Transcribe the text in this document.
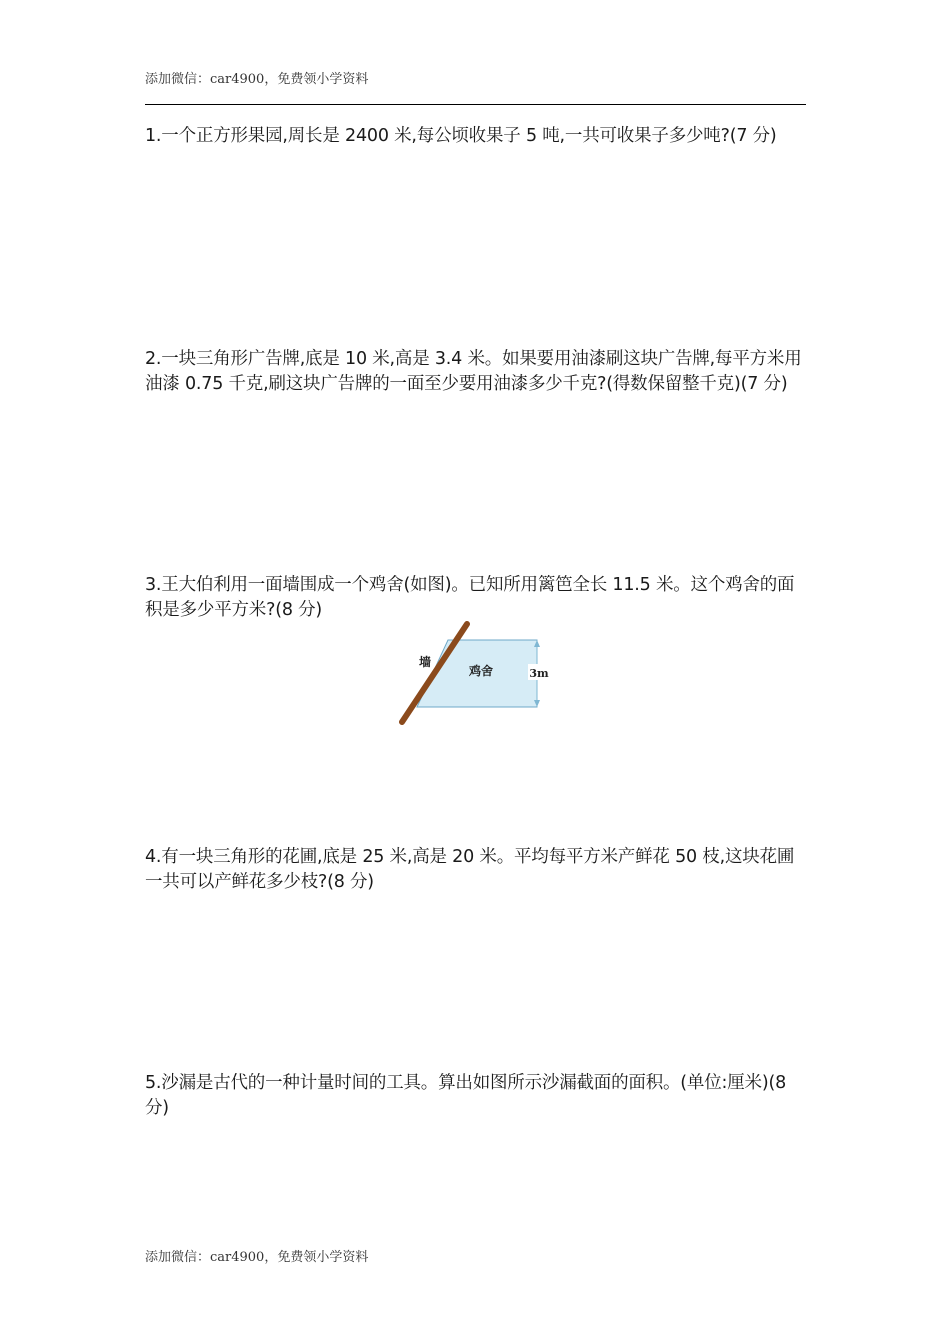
添加微信：car4900，免费领小学资料
1.一个正方形果园,周长是 2400 米,每公顷收果子 5 吨,一共可收果子多少吨?(7 分)
2.一块三角形广告牌,底是 10 米,高是 3.4 米。如果要用油漆刷这块广告牌,每平方米用油漆 0.75 千克,刷这块广告牌的一面至少要用油漆多少千克?(得数保留整千克)(7 分)
3.王大伯利用一面墙围成一个鸡舍(如图)。已知所用篱笆全长 11.5 米。这个鸡舍的面积是多少平方米?(8 分)
墙
鸡舍	3m
4.有一块三角形的花圃,底是 25 米,高是 20 米。平均每平方米产鲜花 50 枝,这块花圃一共可以产鲜花多少枝?(8 分)
5.沙漏是古代的一种计量时间的工具。算出如图所示沙漏截面的面积。(单位:厘米)(8 分)
添加微信：car4900，免费领小学资料
